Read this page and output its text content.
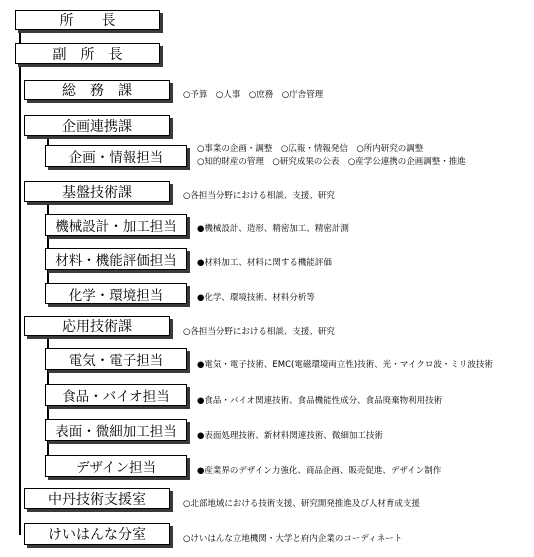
所　　長
副　所　長
総　務　課	○予算　○人事　○庶務　○庁舎管理
企画連携課
企画・情報担当
○事業の企画・調整　○広報・情報発信　○所内研究の調整
○知的財産の管理　○研究成果の公表　○産学公連携の企画調整・推進
基盤技術課	○各担当分野における相談、支援、研究
機械設計・加工担当 ●機械設計、造形、精密加工、精密計測
材料・機能評価担当 ●材料加工、材料に関する機能評価
化学・環境担当	●化学、環境技術、材料分析等
応用技術課	○各担当分野における相談、支援、研究
電気・電子担当	●電気・電子技術、EMC(電磁環境両立性)技術、光・マイクロ波・ミリ波技術
食品・バイオ担当	●食品・バイオ関連技術、食品機能性成分、食品廃棄物利用技術
表面・微細加工担当 ●表面処理技術、新材料関連技術、微細加工技術
デザイン担当	●産業界のデザイン力強化、商品企画、販売促進、デザイン制作
中丹技術支援室	○北部地域における技術支援、研究開発推進及び人材育成支援
けいはんな分室	○けいはんな立地機関・大学と府内企業のコーディネート
